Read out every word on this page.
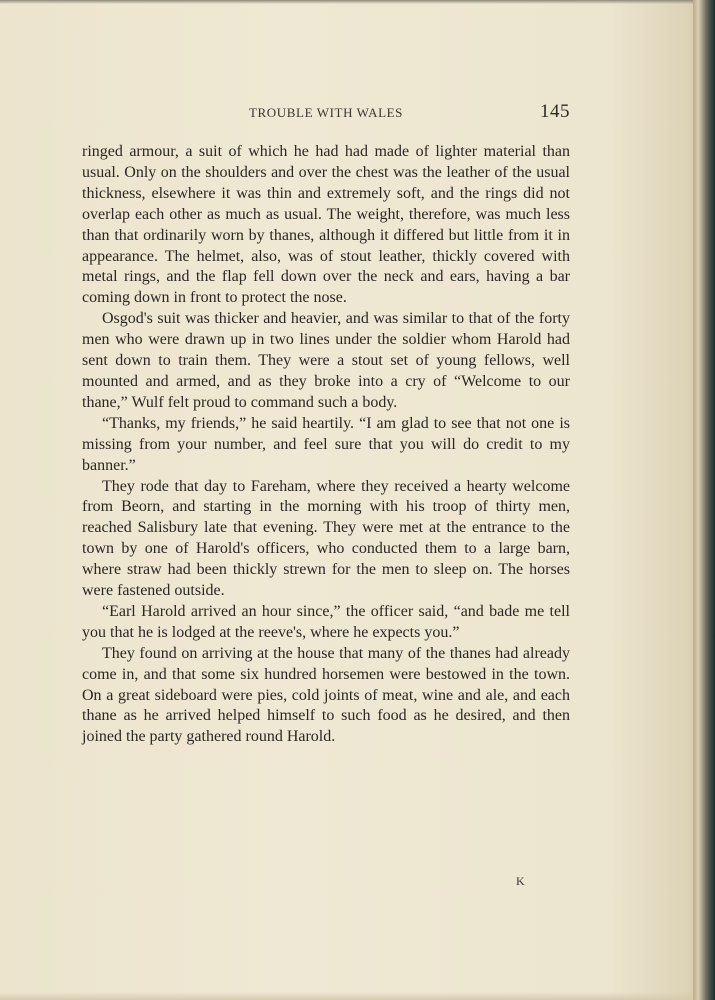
TROUBLE WITH WALES	145

ringed armour, a suit of which he had had made of lighter material than usual. Only on the shoulders and over the chest was the leather of the usual thickness, elsewhere it was thin and extremely soft, and the rings did not overlap each other as much as usual. The weight, therefore, was much less than that ordinarily worn by thanes, although it differed but little from it in appearance. The helmet, also, was of stout leather, thickly covered with metal rings, and the flap fell down over the neck and ears, having a bar coming down in front to protect the nose.

Osgod's suit was thicker and heavier, and was similar to that of the forty men who were drawn up in two lines under the soldier whom Harold had sent down to train them. They were a stout set of young fellows, well mounted and armed, and as they broke into a cry of “Welcome to our thane,” Wulf felt proud to command such a body.

“Thanks, my friends,” he said heartily. “I am glad to see that not one is missing from your number, and feel sure that you will do credit to my banner.”

They rode that day to Fareham, where they received a hearty welcome from Beorn, and starting in the morning with his troop of thirty men, reached Salisbury late that evening. They were met at the entrance to the town by one of Harold's officers, who conducted them to a large barn, where straw had been thickly strewn for the men to sleep on. The horses were fastened outside.

“Earl Harold arrived an hour since,” the officer said, “and bade me tell you that he is lodged at the reeve's, where he expects you.”

They found on arriving at the house that many of the thanes had already come in, and that some six hundred horsemen were bestowed in the town. On a great sideboard were pies, cold joints of meat, wine and ale, and each thane as he arrived helped himself to such food as he desired, and then joined the party gathered round Harold.

K
